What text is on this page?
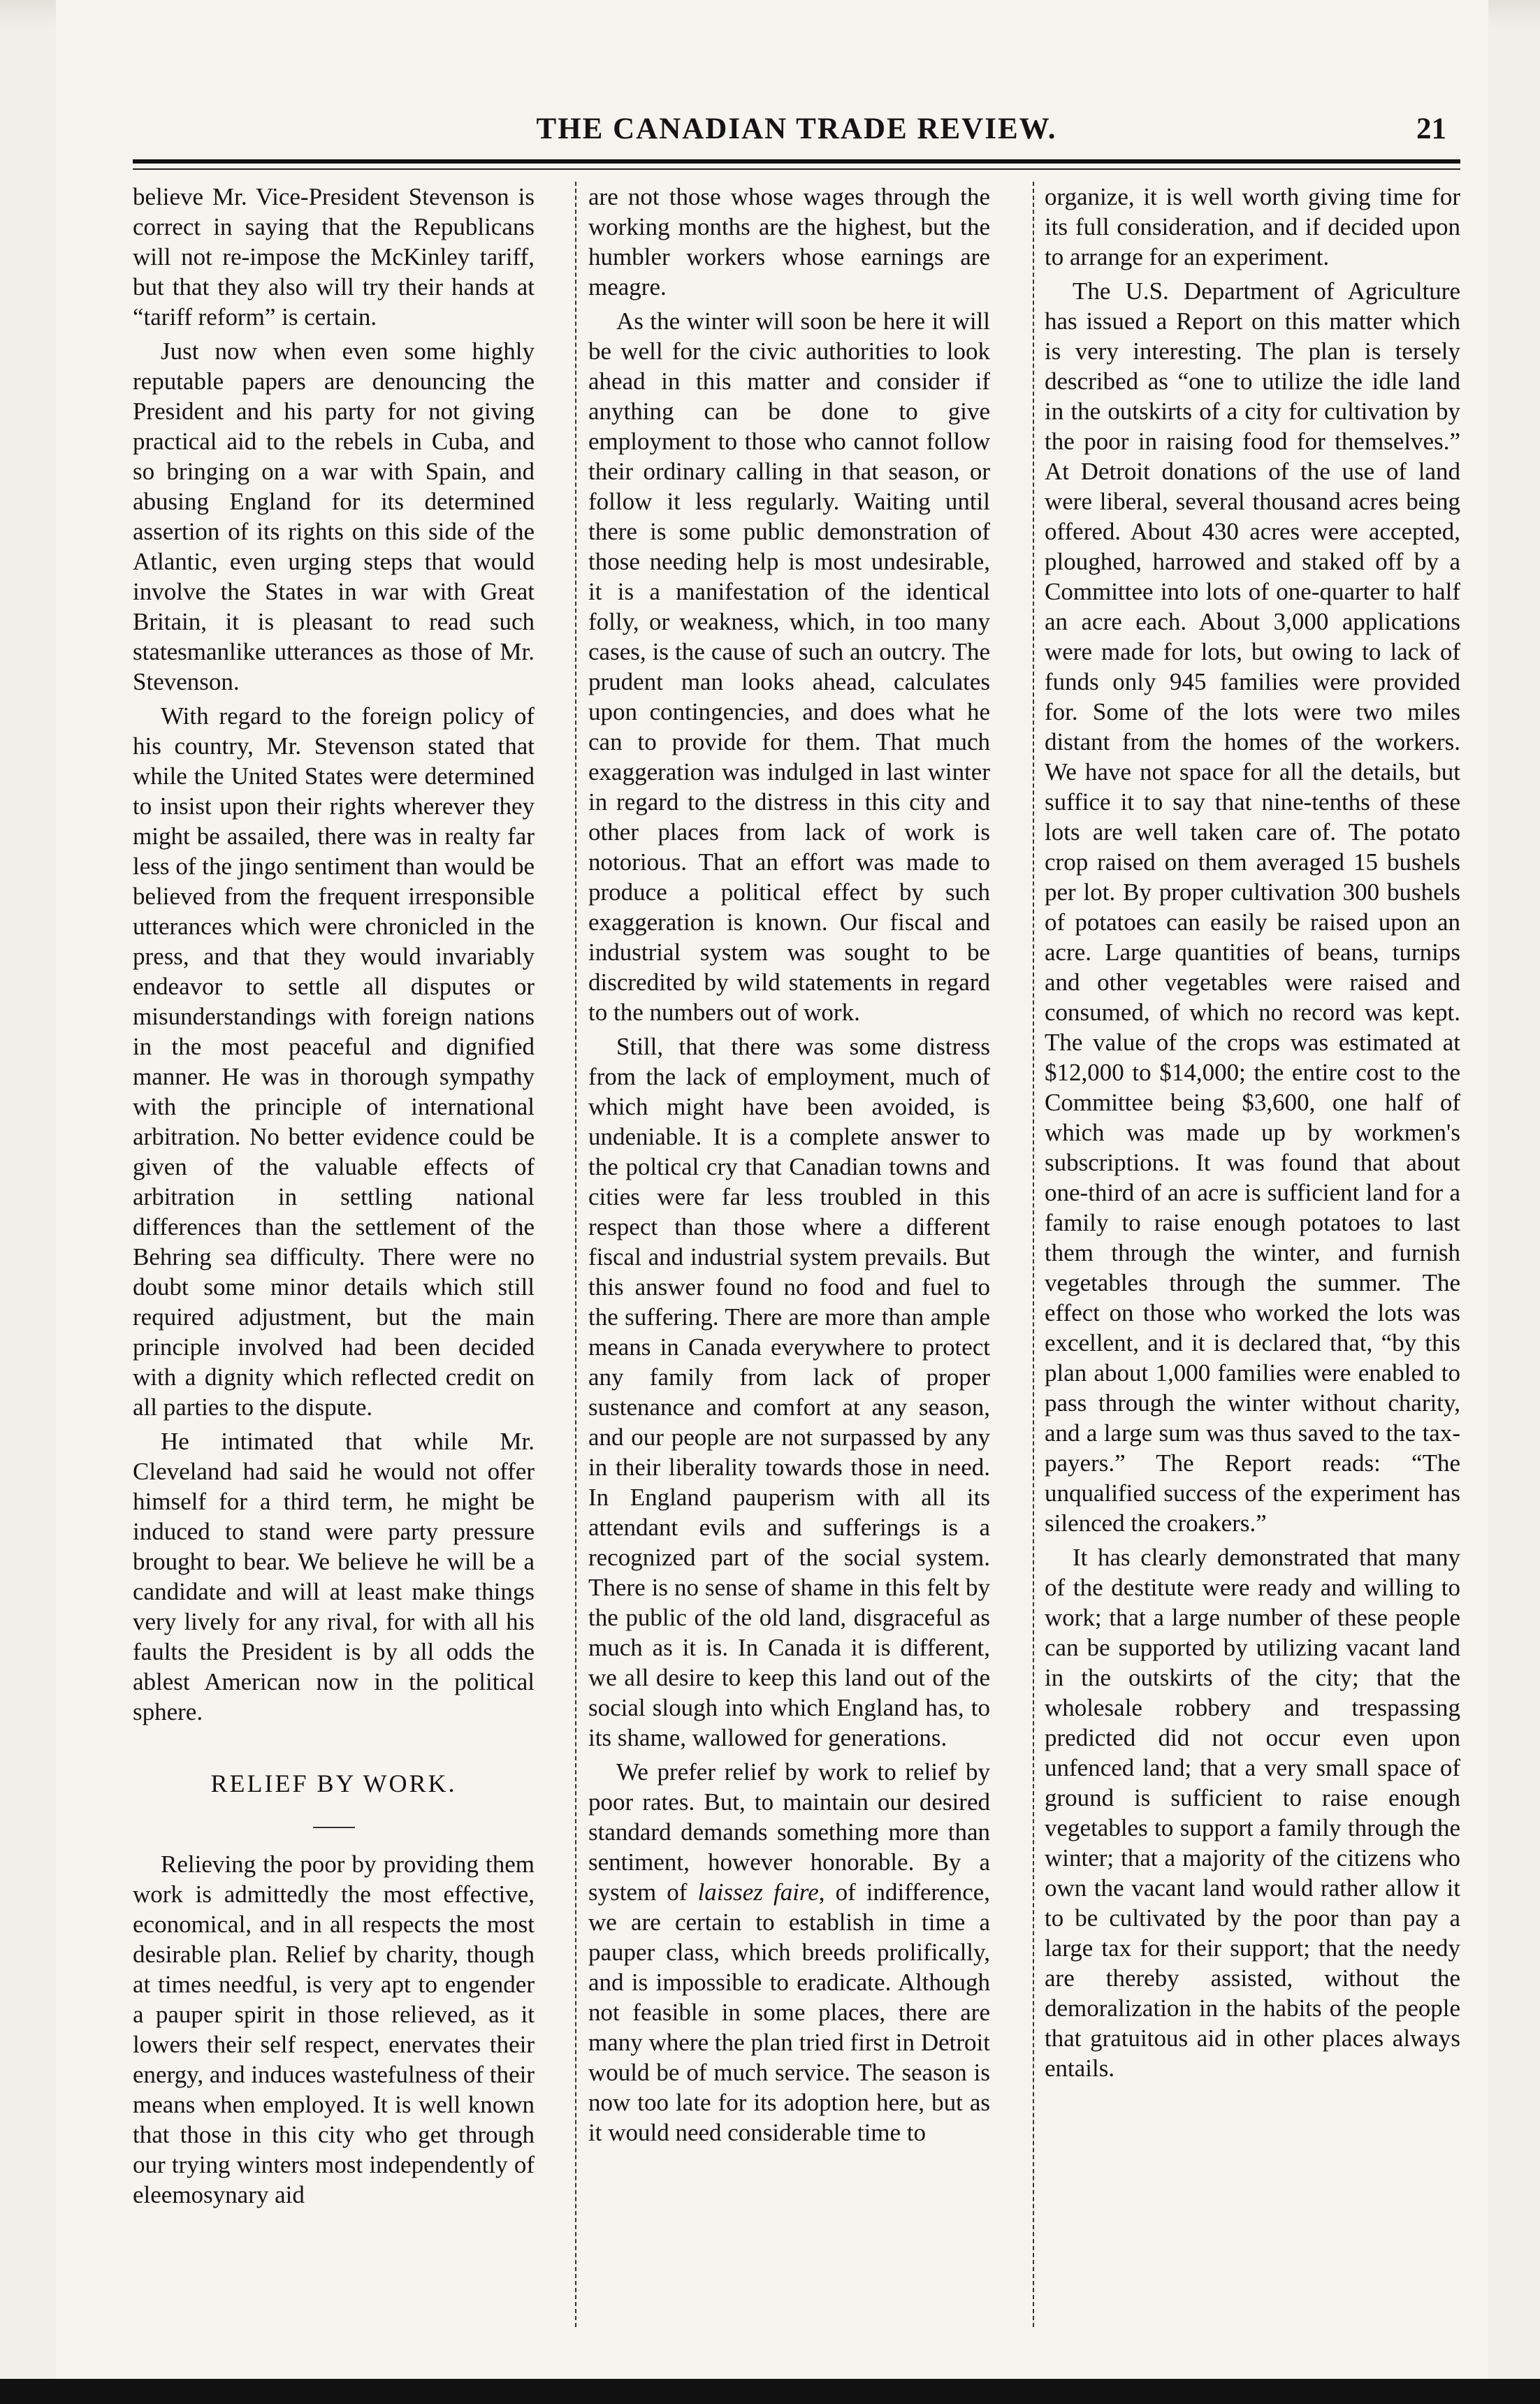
THE CANADIAN TRADE REVIEW.	21

believe Mr. Vice-President Stevenson is correct in saying that the Republicans will not re-impose the McKinley tariff, but that they also will try their hands at “tariff reform” is certain.

Just now when even some highly reputable papers are denouncing the President and his party for not giving practical aid to the rebels in Cuba, and so bringing on a war with Spain, and abusing England for its determined assertion of its rights on this side of the Atlantic, even urging steps that would involve the States in war with Great Britain, it is pleasant to read such statesmanlike utterances as those of Mr. Stevenson.

With regard to the foreign policy of his country, Mr. Stevenson stated that while the United States were determined to insist upon their rights wherever they might be assailed, there was in realty far less of the jingo sentiment than would be believed from the frequent irresponsible utterances which were chronicled in the press, and that they would invariably endeavor to settle all disputes or misunderstandings with foreign nations in the most peaceful and dignified manner. He was in thorough sympathy with the principle of international arbitration. No better evidence could be given of the valuable effects of arbitration in settling national differences than the settlement of the Behring sea difficulty. There were no doubt some minor details which still required adjustment, but the main principle involved had been decided with a dignity which reflected credit on all parties to the dispute.

He intimated that while Mr. Cleveland had said he would not offer himself for a third term, he might be induced to stand were party pressure brought to bear. We believe he will be a candidate and will at least make things very lively for any rival, for with all his faults the President is by all odds the ablest American now in the political sphere.

RELIEF BY WORK.

Relieving the poor by providing them work is admittedly the most effective, economical, and in all respects the most desirable plan. Relief by charity, though at times needful, is very apt to engender a pauper spirit in those relieved, as it lowers their self respect, enervates their energy, and induces wastefulness of their means when employed. It is well known that those in this city who get through our trying winters most independently of eleemosynary aid

are not those whose wages through the working months are the highest, but the humbler workers whose earnings are meagre.

As the winter will soon be here it will be well for the civic authorities to look ahead in this matter and consider if anything can be done to give employment to those who cannot follow their ordinary calling in that season, or follow it less regularly. Waiting until there is some public demonstration of those needing help is most undesirable, it is a manifestation of the identical folly, or weakness, which, in too many cases, is the cause of such an outcry. The prudent man looks ahead, calculates upon contingencies, and does what he can to provide for them. That much exaggeration was indulged in last winter in regard to the distress in this city and other places from lack of work is notorious. That an effort was made to produce a political effect by such exaggeration is known. Our fiscal and industrial system was sought to be discredited by wild statements in regard to the numbers out of work.

Still, that there was some distress from the lack of employment, much of which might have been avoided, is undeniable. It is a complete answer to the poltical cry that Canadian towns and cities were far less troubled in this respect than those where a different fiscal and industrial system prevails. But this answer found no food and fuel to the suffering. There are more than ample means in Canada everywhere to protect any family from lack of proper sustenance and comfort at any season, and our people are not surpassed by any in their liberality towards those in need. In England pauperism with all its attendant evils and sufferings is a recognized part of the social system. There is no sense of shame in this felt by the public of the old land, disgraceful as much as it is. In Canada it is different, we all desire to keep this land out of the social slough into which England has, to its shame, wallowed for generations.

We prefer relief by work to relief by poor rates. But, to maintain our desired standard demands something more than sentiment, however honorable. By a system of laissez faire, of indifference, we are certain to establish in time a pauper class, which breeds prolifically, and is impossible to eradicate. Although not feasible in some places, there are many where the plan tried first in Detroit would be of much service. The season is now too late for its adoption here, but as it would need considerable time to

organize, it is well worth giving time for its full consideration, and if decided upon to arrange for an experiment.

The U.S. Department of Agriculture has issued a Report on this matter which is very interesting. The plan is tersely described as “one to utilize the idle land in the outskirts of a city for cultivation by the poor in raising food for themselves.” At Detroit donations of the use of land were liberal, several thousand acres being offered. About 430 acres were accepted, ploughed, harrowed and staked off by a Committee into lots of one-quarter to half an acre each. About 3,000 applications were made for lots, but owing to lack of funds only 945 families were provided for. Some of the lots were two miles distant from the homes of the workers. We have not space for all the details, but suffice it to say that nine-tenths of these lots are well taken care of. The potato crop raised on them averaged 15 bushels per lot. By proper cultivation 300 bushels of potatoes can easily be raised upon an acre. Large quantities of beans, turnips and other vegetables were raised and consumed, of which no record was kept. The value of the crops was estimated at $12,000 to $14,000; the entire cost to the Committee being $3,600, one half of which was made up by workmen's subscriptions. It was found that about one-third of an acre is sufficient land for a family to raise enough potatoes to last them through the winter, and furnish vegetables through the summer. The effect on those who worked the lots was excellent, and it is declared that, “by this plan about 1,000 families were enabled to pass through the winter without charity, and a large sum was thus saved to the tax-payers.” The Report reads: “The unqualified success of the experiment has silenced the croakers.”

It has clearly demonstrated that many of the destitute were ready and willing to work; that a large number of these people can be supported by utilizing vacant land in the outskirts of the city; that the wholesale robbery and trespassing predicted did not occur even upon unfenced land; that a very small space of ground is sufficient to raise enough vegetables to support a family through the winter; that a majority of the citizens who own the vacant land would rather allow it to be cultivated by the poor than pay a large tax for their support; that the needy are thereby assisted, without the demoralization in the habits of the people that gratuitous aid in other places always entails.
